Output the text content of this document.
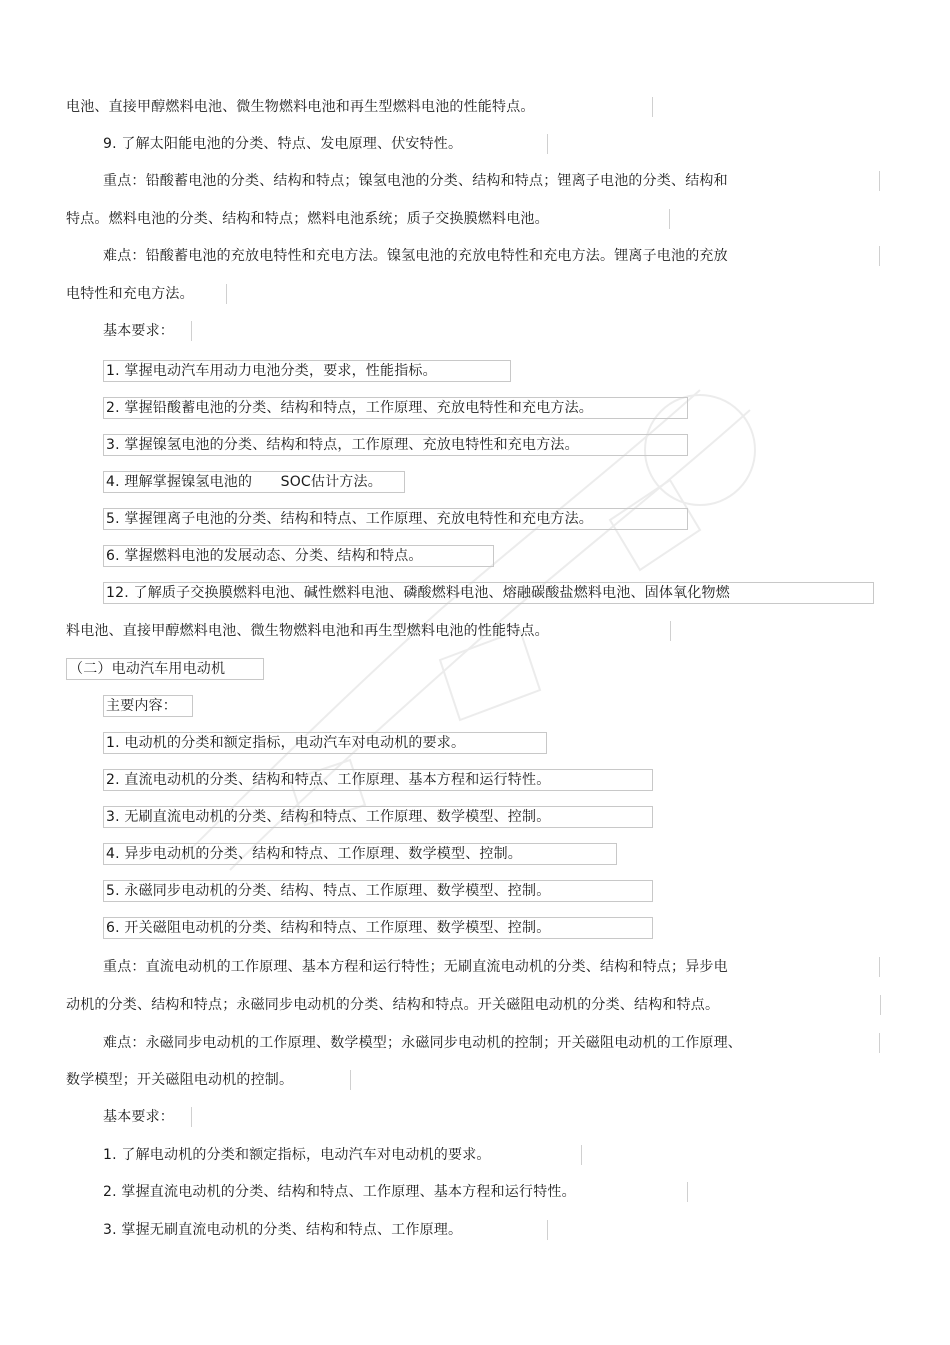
电池、直接甲醇燃料电池、微生物燃料电池和再生型燃料电池的性能特点。
9. 了解太阳能电池的分类、特点、发电原理、伏安特性。
重点：铅酸蓄电池的分类、结构和特点；镍氢电池的分类、结构和特点；锂离子电池的分类、结构和
特点。燃料电池的分类、结构和特点；燃料电池系统；质子交换膜燃料电池。
难点：铅酸蓄电池的充放电特性和充电方法。镍氢电池的充放电特性和充电方法。锂离子电池的充放
电特性和充电方法。
基本要求：
1. 掌握电动汽车用动力电池分类，要求，性能指标。
2. 掌握铅酸蓄电池的分类、结构和特点，工作原理、充放电特性和充电方法。
3. 掌握镍氢电池的分类、结构和特点，工作原理、充放电特性和充电方法。
4. 理解掌握镍氢电池的　　SOC估计方法。
5. 掌握锂离子电池的分类、结构和特点、工作原理、充放电特性和充电方法。
6. 掌握燃料电池的发展动态、分类、结构和特点。
12. 了解质子交换膜燃料电池、碱性燃料电池、磷酸燃料电池、熔融碳酸盐燃料电池、固体氧化物燃
料电池、直接甲醇燃料电池、微生物燃料电池和再生型燃料电池的性能特点。
（二）电动汽车用电动机
主要内容：
1. 电动机的分类和额定指标，电动汽车对电动机的要求。
2. 直流电动机的分类、结构和特点、工作原理、基本方程和运行特性。
3. 无刷直流电动机的分类、结构和特点、工作原理、数学模型、控制。
4. 异步电动机的分类、结构和特点、工作原理、数学模型、控制。
5. 永磁同步电动机的分类、结构、特点、工作原理、数学模型、控制。
6. 开关磁阻电动机的分类、结构和特点、工作原理、数学模型、控制。
重点：直流电动机的工作原理、基本方程和运行特性；无刷直流电动机的分类、结构和特点；异步电
动机的分类、结构和特点；永磁同步电动机的分类、结构和特点。开关磁阻电动机的分类、结构和特点。
难点：永磁同步电动机的工作原理、数学模型；永磁同步电动机的控制；开关磁阻电动机的工作原理、
数学模型；开关磁阻电动机的控制。
基本要求：
1. 了解电动机的分类和额定指标，电动汽车对电动机的要求。
2. 掌握直流电动机的分类、结构和特点、工作原理、基本方程和运行特性。
3. 掌握无刷直流电动机的分类、结构和特点、工作原理。
